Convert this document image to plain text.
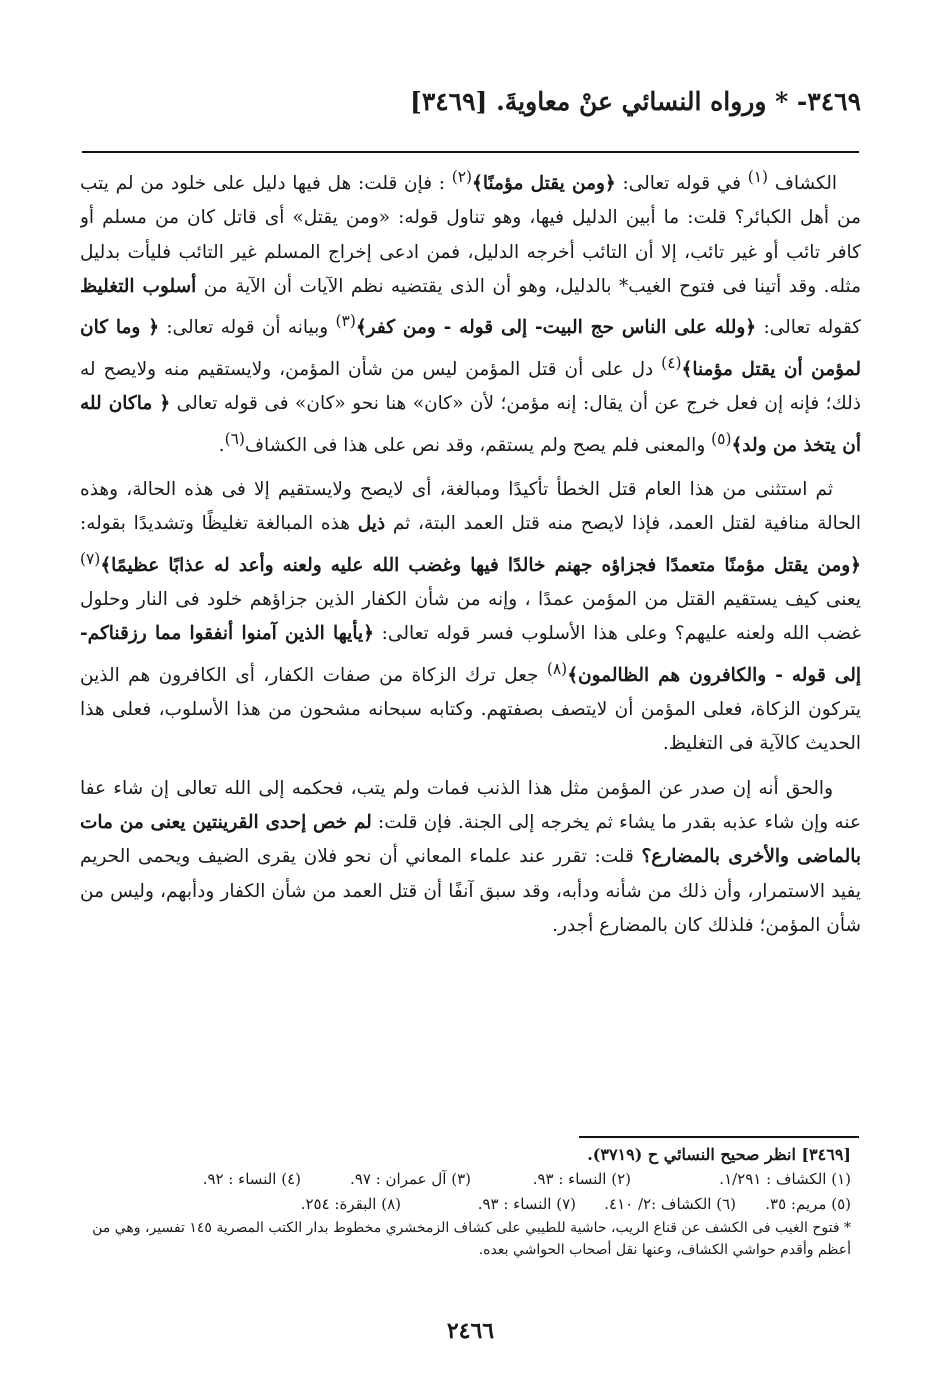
٣٤٦٩- * ورواه النسائي عنْ معاويةَ. [٣٤٦٩]

الكشاف $^{(١)}$ في قوله تعالى: ﴿ومن يقتل مؤمنًا﴾$^{(٢)}$ : فإن قلت: هل فيها دليل على خلود من لم يتب من أهل الكبائر؟ قلت: ما أبين الدليل فيها، وهو تناول قوله: «ومن يقتل» أى قاتل كان من مسلم أو كافر تائب أو غير تائب، إلا أن التائب أخرجه الدليل، فمن ادعى إخراج المسلم غير التائب فليأت بدليل مثله. وقد أتينا فى فتوح الغيب* بالدليل، وهو أن الذى يقتضيه نظم الآيات أن الآية من أسلوب التغليظ كقوله تعالى: ﴿ولله على الناس حج البيت- إلى قوله - ومن كفر﴾$^{(٣)}$ وبيانه أن قوله تعالى: ﴿ وما كان لمؤمن أن يقتل مؤمنا﴾$^{(٤)}$ دل على أن قتل المؤمن ليس من شأن المؤمن، ولايستقيم منه ولايصح له ذلك؛ فإنه إن فعل خرج عن أن يقال: إنه مؤمن؛ لأن «كان» هنا نحو «كان» فى قوله تعالى ﴿ ماكان لله أن يتخذ من ولد﴾$^{(٥)}$ والمعنى فلم يصح ولم يستقم، وقد نص على هذا فى الكشاف$^{(٦)}$.

ثم استثنى من هذا العام قتل الخطأ تأكيدًا ومبالغة، أى لايصح ولايستقيم إلا فى هذه الحالة، وهذه الحالة منافية لقتل العمد، فإذا لايصح منه قتل العمد البتة، ثم ذيل هذه المبالغة تغليظًا وتشديدًا بقوله: ﴿ومن يقتل مؤمنًا متعمدًا فجزاؤه جهنم خالدًا فيها وغضب الله عليه ولعنه وأعد له عذابًا عظيمًا﴾$^{(٧)}$ يعنى كيف يستقيم القتل من المؤمن عمدًا ، وإنه من شأن الكفار الذين جزاؤهم خلود فى النار وحلول غضب الله ولعنه عليهم؟ وعلى هذا الأسلوب فسر قوله تعالى: ﴿يأيها الذين آمنوا أنفقوا مما رزقناكم- إلى قوله - والكافرون هم الظالمون﴾$^{(٨)}$ جعل ترك الزكاة من صفات الكفار، أى الكافرون هم الذين يتركون الزكاة، فعلى المؤمن أن لايتصف بصفتهم. وكتابه سبحانه مشحون من هذا الأسلوب، فعلى هذا الحديث كالآية فى التغليظ.

والحق أنه إن صدر عن المؤمن مثل هذا الذنب فمات ولم يتب، فحكمه إلى الله تعالى إن شاء عفا عنه وإن شاء عذبه بقدر ما يشاء ثم يخرجه إلى الجنة. فإن قلت: لم خص إحدى القرينتين يعنى من مات بالماضى والأخرى بالمضارع؟ قلت: تقرر عند علماء المعاني أن نحو فلان يقرى الضيف ويحمى الحريم يفيد الاستمرار، وأن ذلك من شأنه ودأبه، وقد سبق آنفًا أن قتل العمد من شأن الكفار ودأبهم، وليس من شأن المؤمن؛ فلذلك كان بالمضارع أجدر.

[٣٤٦٩] انظر صحيح النسائي ح (٣٧١٩).
(١) الكشاف : ١/٢٩١.
(٢) النساء : ٩٣.
(٣) آل عمران : ٩٧.
(٤) النساء : ٩٢.
(٥) مريم: ٣٥.
(٦) الكشاف :٢/ ٤١٠.
(٧) النساء : ٩٣.
(٨) البقرة: ٢٥٤.
* فتوح الغيب فى الكشف عن قناع الريب، حاشية للطيبي على كشاف الزمخشري مخطوط بدار الكتب المصرية ١٤٥ تفسير، وهي من أعظم وأقدم حواشي الكشاف، وعنها نقل أصحاب الحواشي بعده.
٢٤٦٦
